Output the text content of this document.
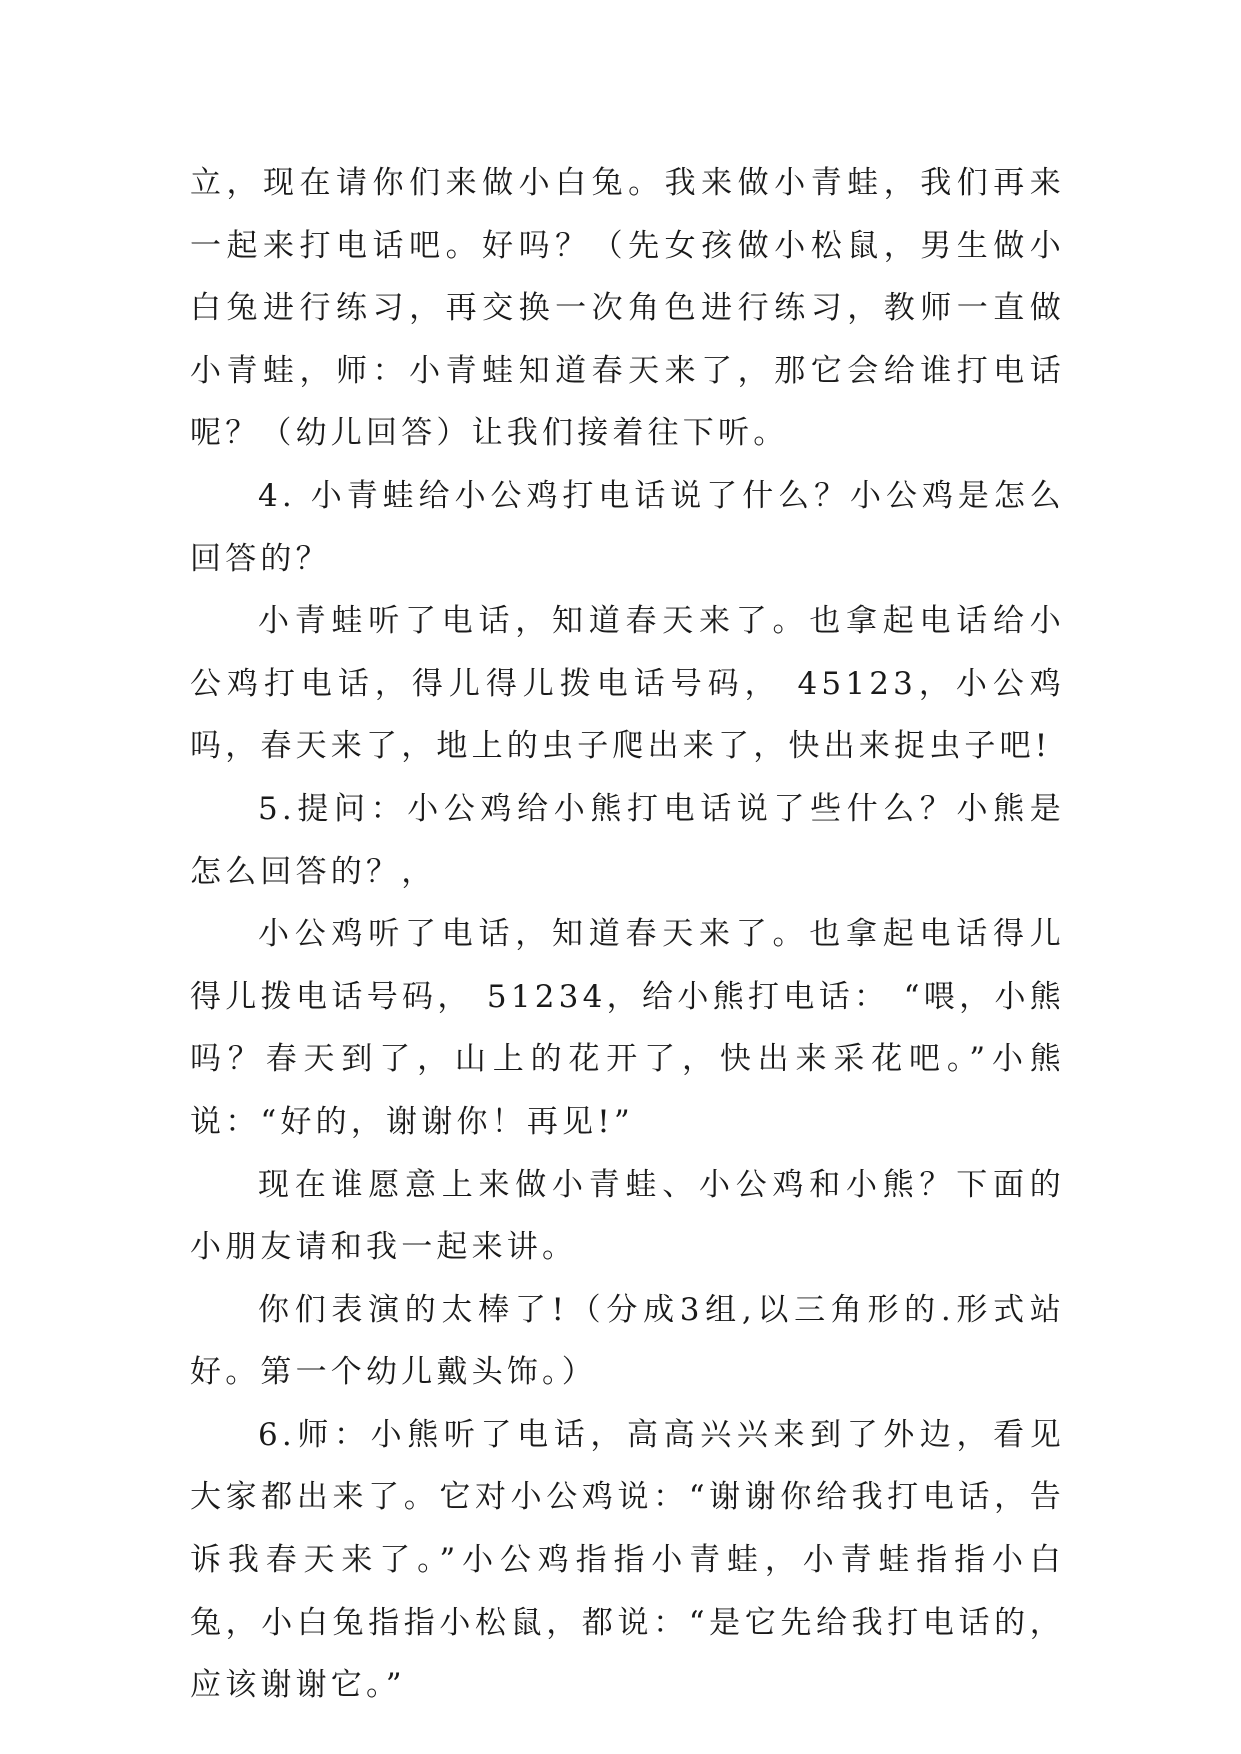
立，现在请你们来做小白兔。我来做小青蛙，我们再来一起来打电话吧。好吗？（先女孩做小松鼠，男生做小白兔进行练习，再交换一次角色进行练习，教师一直做小青蛙，师：小青蛙知道春天来了，那它会给谁打电话呢？（幼儿回答）让我们接着往下听。

4. 小青蛙给小公鸡打电话说了什么？小公鸡是怎么回答的？

小青蛙听了电话，知道春天来了。也拿起电话给小公鸡打电话，得儿得儿拨电话号码， 45123，小公鸡吗，春天来了，地上的虫子爬出来了，快出来捉虫子吧!

5.提问：小公鸡给小熊打电话说了些什么？小熊是怎么回答的？，

小公鸡听了电话，知道春天来了。也拿起电话得儿得儿拨电话号码， 51234，给小熊打电话： “喂，小熊吗？春天到了，山上的花开了，快出来采花吧。”小熊说：“好的，谢谢你！再见!”

现在谁愿意上来做小青蛙、小公鸡和小熊？下面的小朋友请和我一起来讲。

你们表演的太棒了!（分成3组,以三角形的.形式站好。第一个幼儿戴头饰。）

6.师：小熊听了电话，高高兴兴来到了外边，看见大家都出来了。它对小公鸡说：“谢谢你给我打电话，告诉我春天来了。”小公鸡指指小青蛙，小青蛙指指小白兔，小白兔指指小松鼠，都说：“是它先给我打电话的，应该谢谢它。”
